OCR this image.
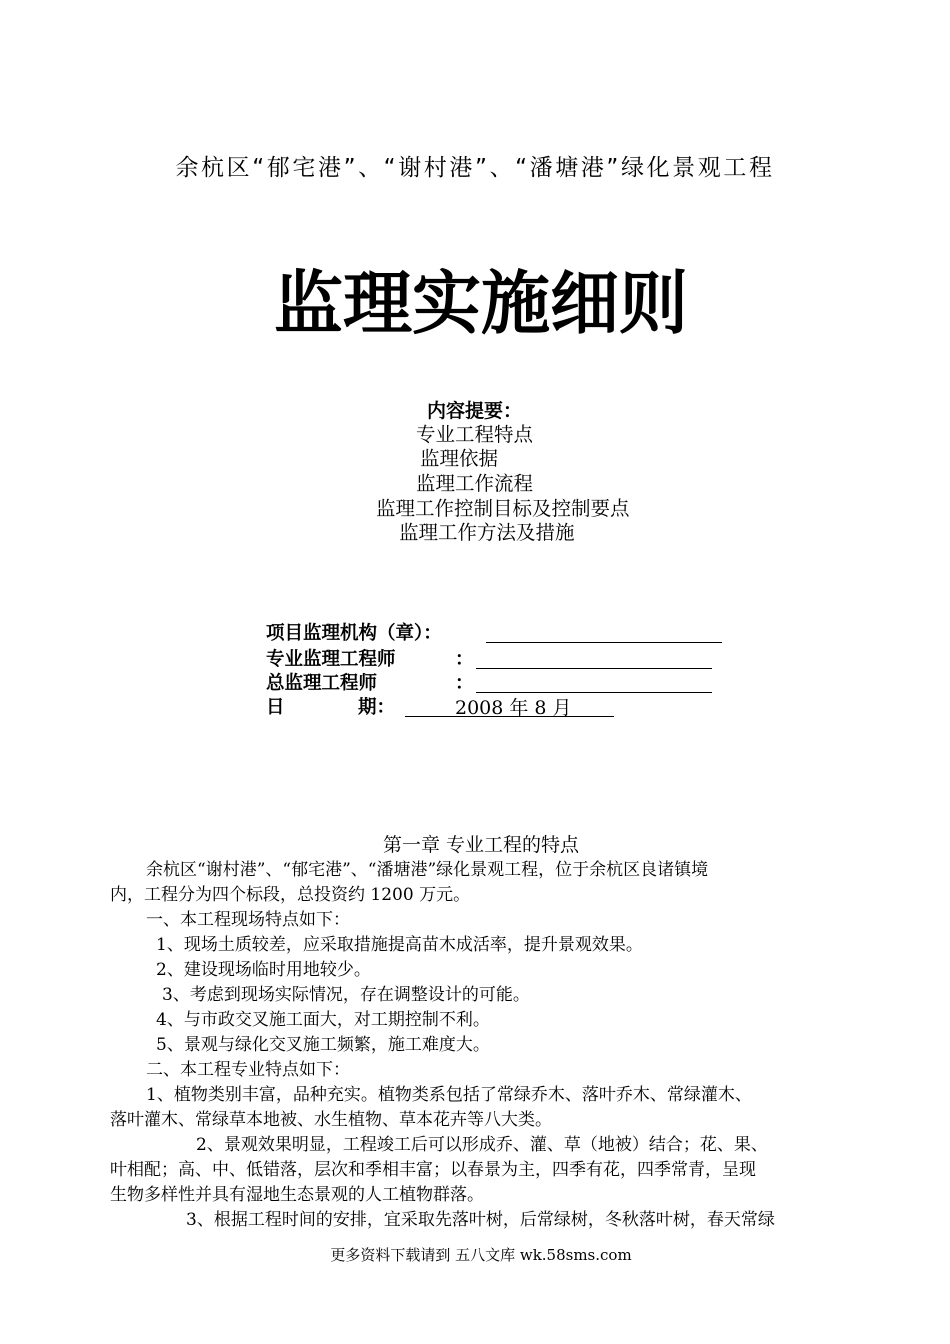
余杭区“郁宅港”、“谢村港”、“潘塘港”绿化景观工程
监理实施细则
内容提要：
专业工程特点
监理依据
监理工作流程
监理工作控制目标及控制要点
监理工作方法及措施
项目监理机构（章）：
专业监理工程师	：
总监理工程师	：
日	期：	2008 年 8 月
第一章 专业工程的特点
余杭区“谢村港”、“郁宅港”、“潘塘港”绿化景观工程，位于余杭区良诸镇境
内，工程分为四个标段，总投资约 1200 万元。
一、本工程现场特点如下：
1、现场土质较差，应采取措施提高苗木成活率，提升景观效果。
2、建设现场临时用地较少。
3、考虑到现场实际情况，存在调整设计的可能。
4、与市政交叉施工面大，对工期控制不利。
5、景观与绿化交叉施工频繁，施工难度大。
二、本工程专业特点如下：
1、植物类别丰富，品种充实。植物类系包括了常绿乔木、落叶乔木、常绿灌木、
落叶灌木、常绿草本地被、水生植物、草本花卉等八大类。
2、景观效果明显，工程竣工后可以形成乔、灌、草（地被）结合；花、果、
叶相配；高、中、低错落，层次和季相丰富；以春景为主，四季有花，四季常青，呈现
生物多样性并具有湿地生态景观的人工植物群落。
3、根据工程时间的安排，宜采取先落叶树，后常绿树，冬秋落叶树，春天常绿
更多资料下载请到 五八文库 wk.58sms.com
